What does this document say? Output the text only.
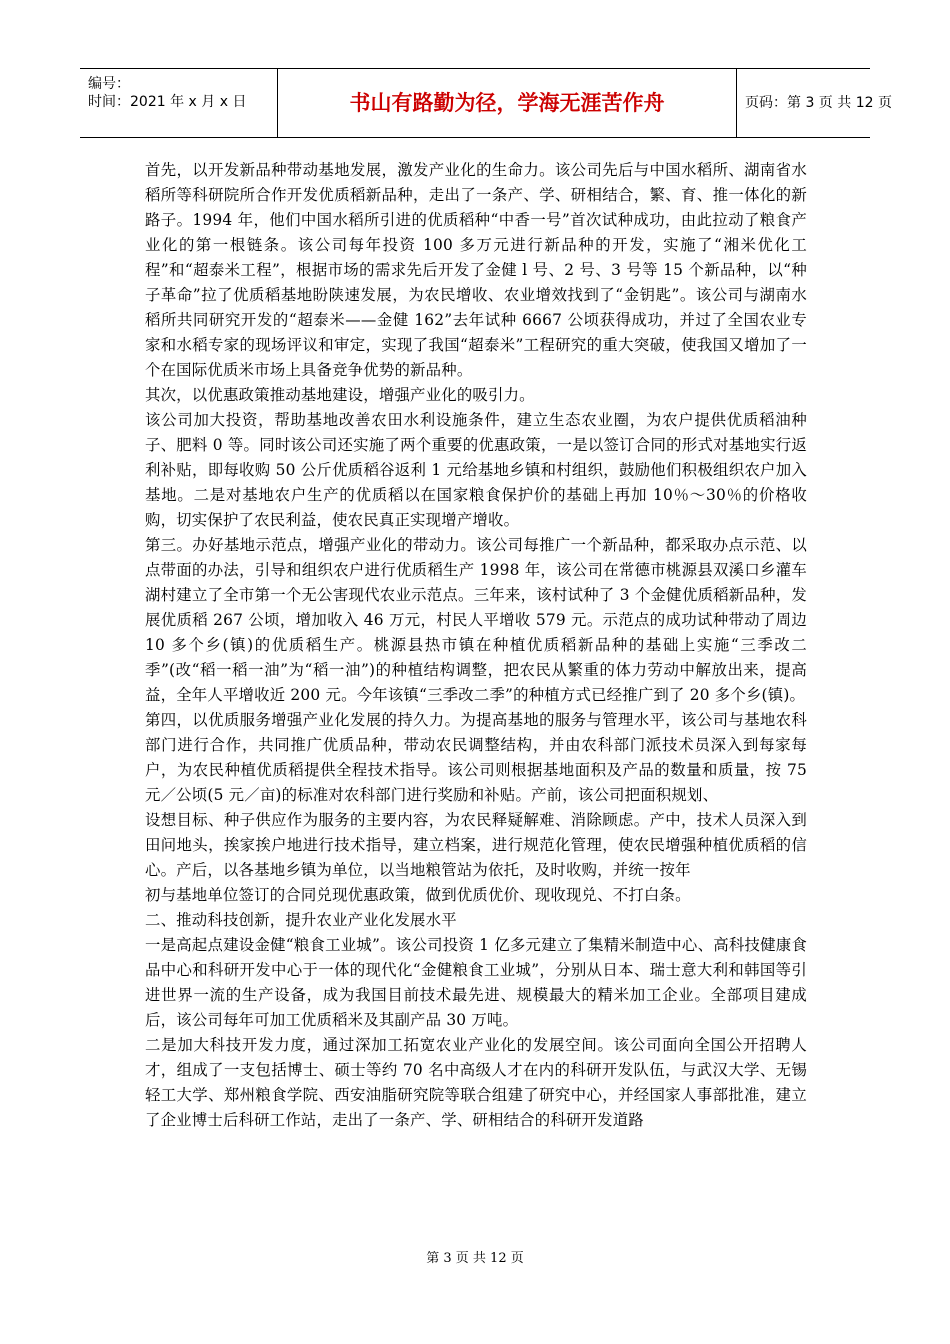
编号：
时间：2021 年 x 月 x 日	书山有路勤为径，学海无涯苦作舟	页码：第 3 页 共 12 页

首先，以开发新品种带动基地发展，激发产业化的生命力。该公司先后与中国水稻所、湖南省水稻所等科研院所合作开发优质稻新品种，走出了一条产、学、研相结合，繁、育、推一体化的新路子。1994 年，他们中国水稻所引进的优质稻种“中香一号”首次试种成功，由此拉动了粮食产业化的第一根链条。该公司每年投资 100 多万元进行新品种的开发，实施了“湘米优化工程”和“超泰米工程”，根据市场的需求先后开发了金健 l 号、2 号、3 号等 15 个新品种，以“种子革命”拉了优质稻基地盼陕速发展，为农民增收、农业增效找到了“金钥匙”。该公司与湖南水稻所共同研究开发的“超泰米——金健 162”去年试种 6667 公顷获得成功，并过了全国农业专家和水稻专家的现场评议和审定，实现了我国“超泰米”工程研究的重大突破，使我国又增加了一个在国际优质米市场上具备竞争优势的新品种。

其次，以优惠政策推动基地建设，增强产业化的吸引力。

该公司加大投资，帮助基地改善农田水利设施条件，建立生态农业圈，为农户提供优质稻油种子、肥料 0 等。同时该公司还实施了两个重要的优惠政策，一是以签订合同的形式对基地实行返利补贴，即每收购 50 公斤优质稻谷返利 1 元给基地乡镇和村组织，鼓励他们积极组织农户加入基地。二是对基地农户生产的优质稻以在国家粮食保护价的基础上再加 10％～30％的价格收购，切实保护了农民利益，使农民真正实现增产增收。

第三。办好基地示范点，增强产业化的带动力。该公司每推广一个新品种，都采取办点示范、以点带面的办法，引导和组织农户进行优质稻生产 1998 年，该公司在常德市桃源县双溪口乡灌车湖村建立了全市第一个无公害现代农业示范点。三年来，该村试种了 3 个金健优质稻新品种，发展优质稻 267 公顷，增加收入 46 万元，村民人平增收 579 元。示范点的成功试种带动了周边 10 多个乡(镇)的优质稻生产。桃源县热市镇在种植优质稻新品种的基础上实施“三季改二季”(改“稻一稻一油”为“稻一油”)的种植结构调整，把农民从繁重的体力劳动中解放出来，提高益，全年人平增收近 200 元。今年该镇“三季改二季”的种植方式已经推广到了 20 多个乡(镇)。

第四，以优质服务增强产业化发展的持久力。为提高基地的服务与管理水平，该公司与基地农科部门进行合作，共同推广优质品种，带动农民调整结构，并由农科部门派技术员深入到每家每户，为农民种植优质稻提供全程技术指导。该公司则根据基地面积及产品的数量和质量，按 75 元／公顷(5 元／亩)的标准对农科部门进行奖励和补贴。产前，该公司把面积规划、

设想目标、种子供应作为服务的主要内容，为农民释疑解难、消除顾虑。产中，技术人员深入到田问地头，挨家挨户地进行技术指导，建立档案，进行规范化管理，使农民增强种植优质稻的信心。产后，以各基地乡镇为单位，以当地粮管站为依托，及时收购，并统一按年

初与基地单位签订的合同兑现优惠政策，做到优质优价、现收现兑、不打白条。

二、推动科技创新，提升农业产业化发展水平

一是高起点建设金健“粮食工业城”。该公司投资 1 亿多元建立了集精米制造中心、高科技健康食品中心和科研开发中心于一体的现代化“金健粮食工业城”，分别从日本、瑞士意大利和韩国等引进世界一流的生产设备，成为我国目前技术最先进、规模最大的精米加工企业。全部项目建成后，该公司每年可加工优质稻米及其副产品 30 万吨。

二是加大科技开发力度，通过深加工拓宽农业产业化的发展空间。该公司面向全国公开招聘人才，组成了一支包括博士、硕士等约 70 名中高级人才在内的科研开发队伍，与武汉大学、无锡轻工大学、郑州粮食学院、西安油脂研究院等联合组建了研究中心，并经国家人事部批准，建立了企业博士后科研工作站，走出了一条产、学、研相结合的科研开发道路

第 3 页 共 12 页
